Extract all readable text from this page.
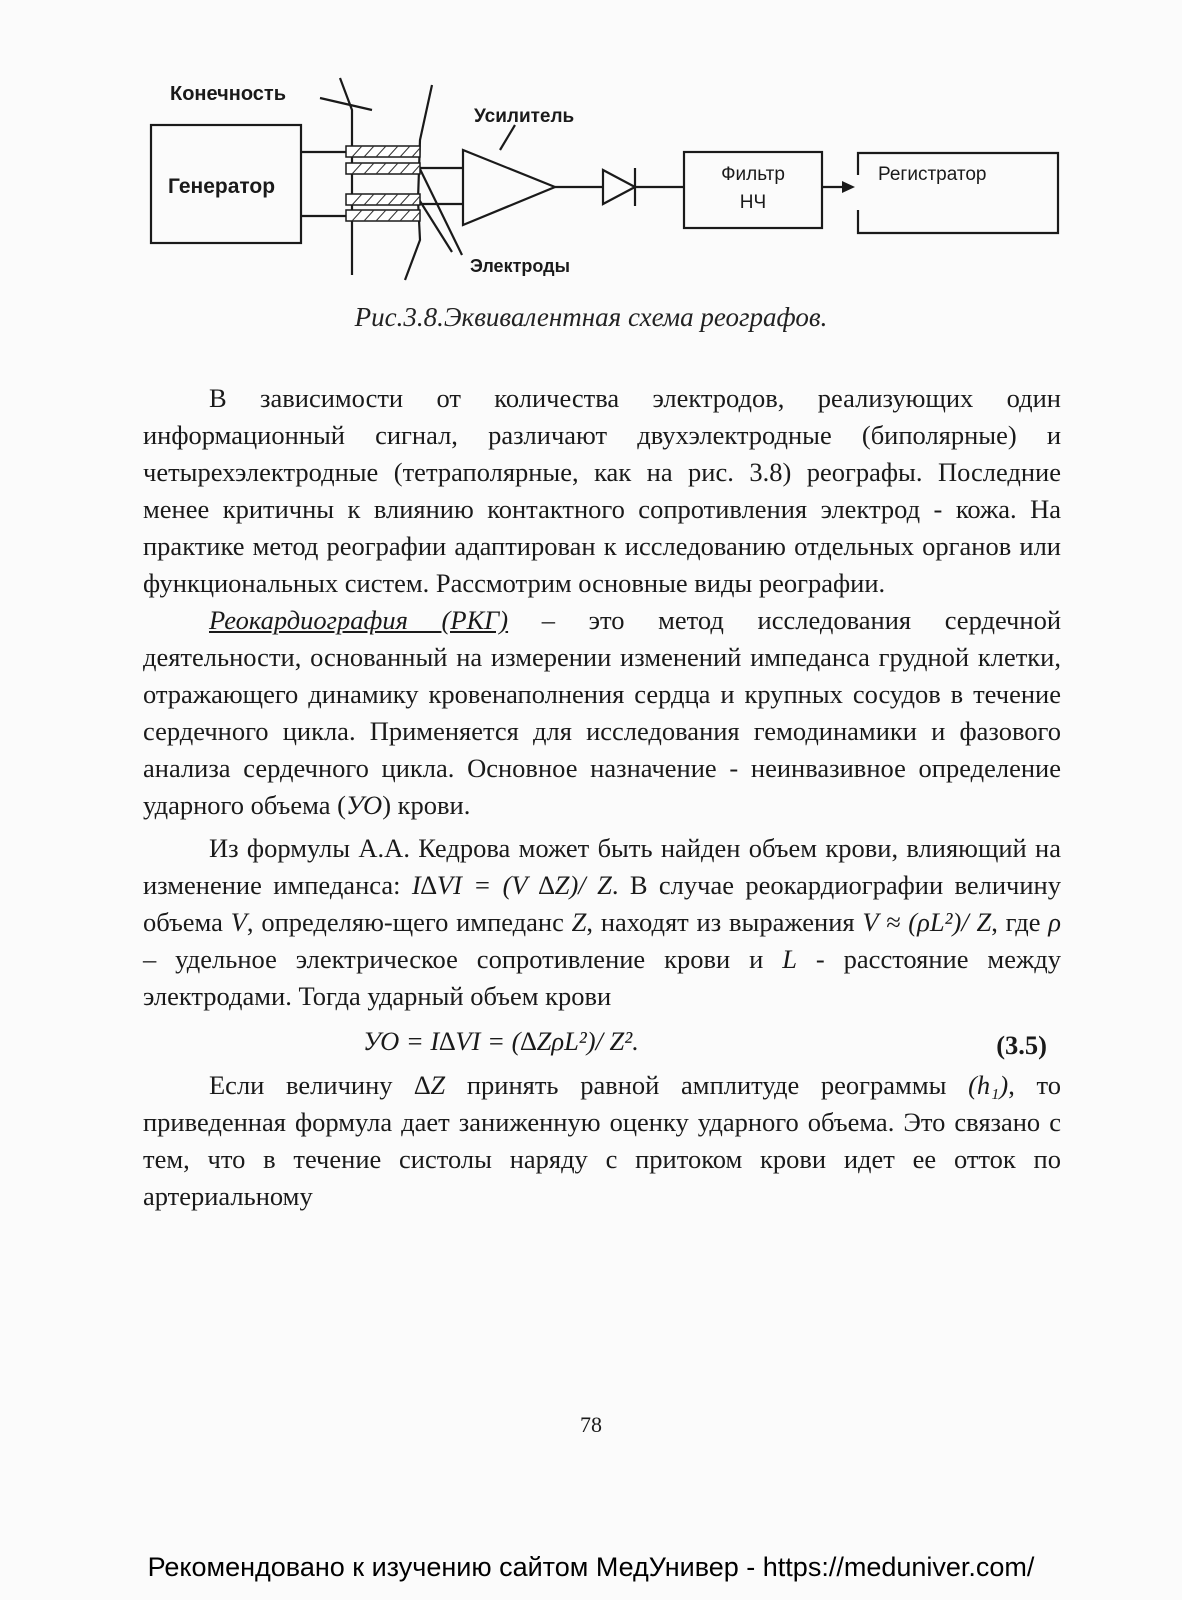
Конечность
Усилитель
Генератор
Фильтр
НЧ
Регистратор
Электроды
Рис.3.8.Эквивалентная схема реографов.

В зависимости от количества электродов, реализующих один информационный сигнал, различают двухэлектродные (биполярные) и четырехэлектродные (тетраполярные, как на рис. 3.8) реографы. Последние менее критичны к влиянию контактного сопротивления электрод - кожа. На практике метод реографии адаптирован к исследованию отдельных органов или функциональных систем. Рассмотрим основные виды реографии.

Реокардиография (РКГ) – это метод исследования сердечной деятельности, основанный на измерении изменений импеданса грудной клетки, отражающего динамику кровенаполнения сердца и крупных сосудов в течение сердечного цикла. Применяется для исследования гемодинамики и фазового анализа сердечного цикла. Основное назначение - неинвазивное определение ударного объема (УО) крови.

Из формулы А.А. Кедрова может быть найден объем крови, влияющий на изменение импеданса: I∆VI = (V ∆Z)/ Z. В случае реокардиографии величину объема V, определяю-щего импеданс Z, находят из выражения V ≈ (ρL²)/ Z, где ρ – удельное электрическое сопротивление крови и L - расстояние между электродами. Тогда ударный объем крови

УО = I∆VI = (∆ZρL²)/ Z².	(3.5)

Если величину ∆Z принять равной амплитуде реограммы (h₁), то приведенная формула дает заниженную оценку ударного объема. Это связано с тем, что в течение систолы наряду с притоком крови идет ее отток по артериальному

78
Рекомендовано к изучению сайтом МедУнивер - https://meduniver.com/
